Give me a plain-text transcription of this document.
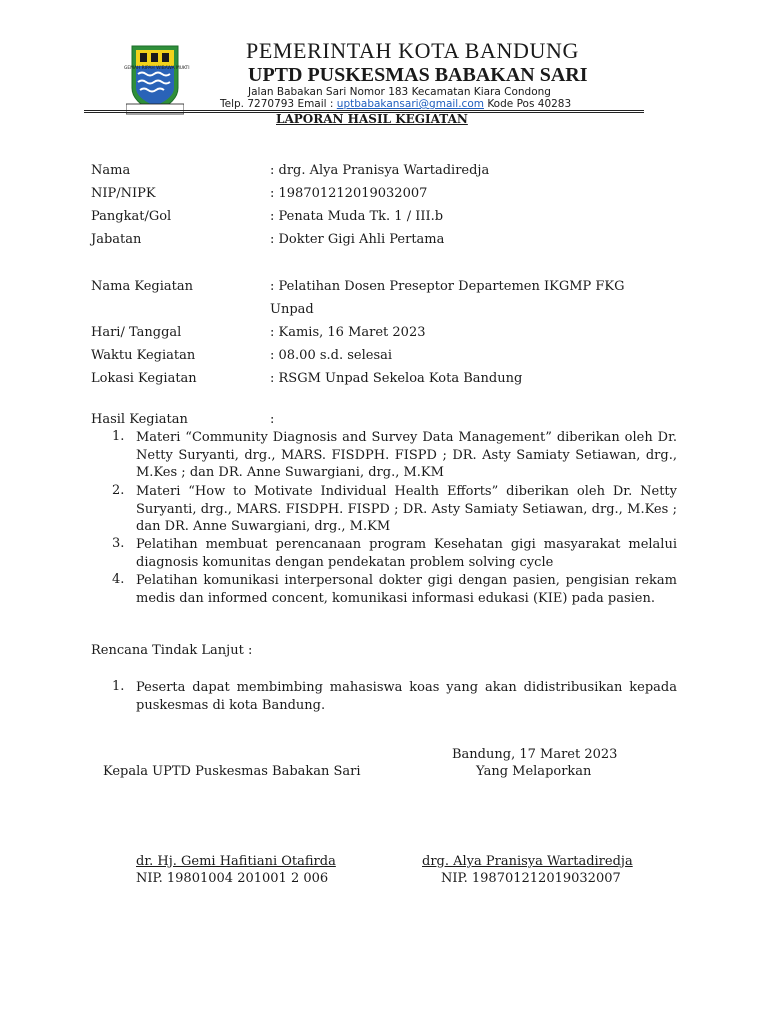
GEMAH RIPAH WIBAWA MUKTI
PEMERINTAH KOTA BANDUNG
UPTD PUSKESMAS BABAKAN SARI
Jalan Babakan Sari Nomor 183 Kecamatan Kiara Condong
Telp. 7270793 Email : uptbabakansari@gmail.com Kode Pos 40283
LAPORAN HASIL KEGIATAN
Nama	: drg. Alya Pranisya Wartadiredja
NIP/NIPK	: 198701212019032007
Pangkat/Gol	: Penata Muda Tk. 1 / III.b
Jabatan	: Dokter Gigi Ahli Pertama
Nama Kegiatan	: Pelatihan Dosen Preseptor Departemen IKGMP FKG
Unpad
Hari/ Tanggal	: Kamis, 16 Maret 2023
Waktu Kegiatan	: 08.00 s.d. selesai
Lokasi Kegiatan	: RSGM Unpad Sekeloa Kota Bandung
Hasil Kegiatan	:
1. Materi “Community Diagnosis and Survey Data Management” diberikan oleh Dr. Netty Suryanti, drg., MARS. FISDPH. FISPD ; DR. Asty Samiaty Setiawan, drg., M.Kes ; dan DR. Anne Suwargiani, drg., M.KM
2. Materi “How to Motivate Individual Health Efforts” diberikan oleh Dr. Netty Suryanti, drg., MARS. FISDPH. FISPD ; DR. Asty Samiaty Setiawan, drg., M.Kes ; dan DR. Anne Suwargiani, drg., M.KM
3. Pelatihan membuat perencanaan program Kesehatan gigi masyarakat melalui diagnosis komunitas dengan pendekatan problem solving cycle
4. Pelatihan komunikasi interpersonal dokter gigi dengan pasien, pengisian rekam medis dan informed concent, komunikasi informasi edukasi (KIE) pada pasien.
Rencana Tindak Lanjut :
1. Peserta dapat membimbing mahasiswa koas yang akan didistribusikan kepada puskesmas di kota Bandung.
Bandung, 17 Maret 2023
Kepala UPTD Puskesmas Babakan Sari	Yang Melaporkan
dr. Hj. Gemi Hafitiani Otafirda
NIP. 19801004 201001 2 006
drg. Alya Pranisya Wartadiredja
NIP. 198701212019032007
